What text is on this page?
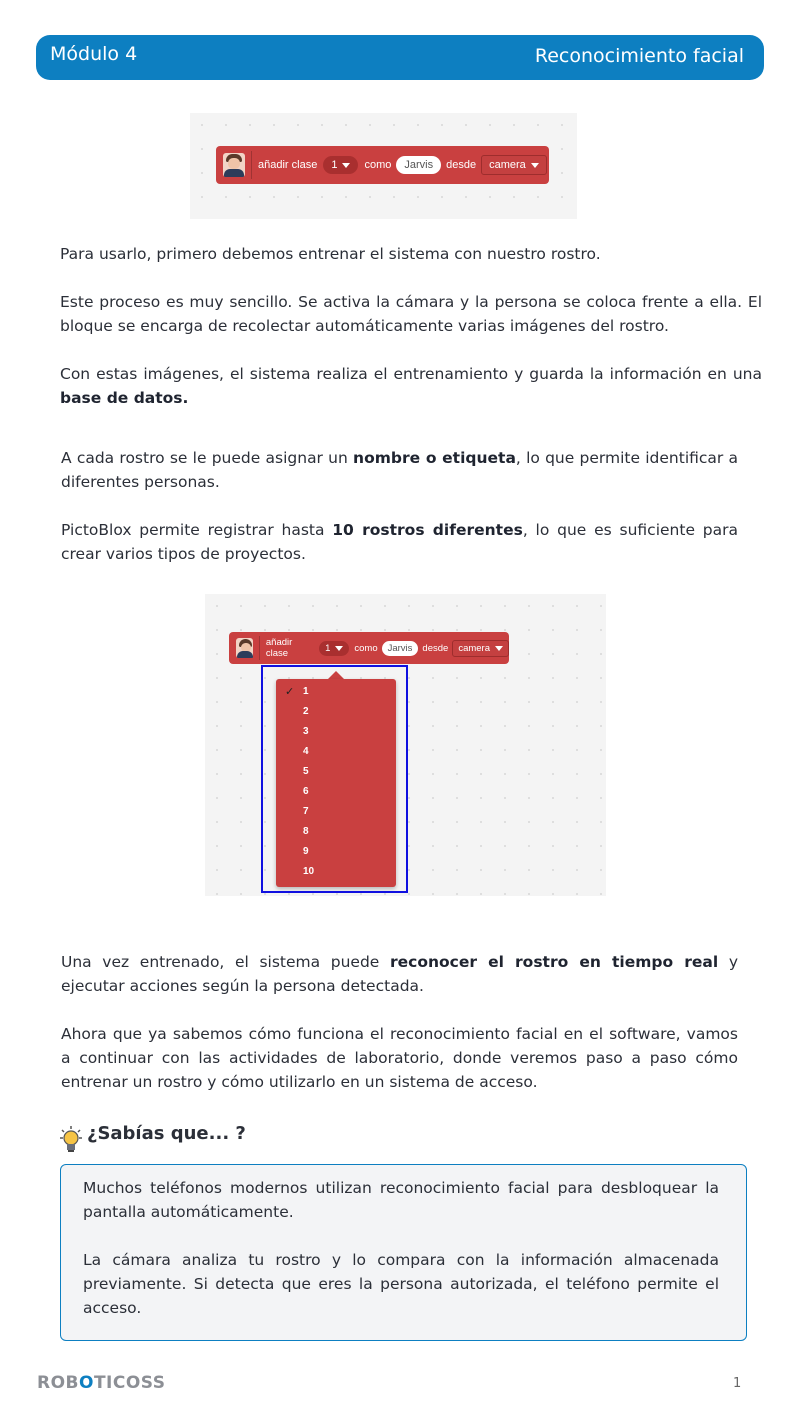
Módulo 4	Reconocimiento facial
añadir clase 1 como	Jarvis	desde camera

Para usarlo, primero debemos entrenar el sistema con nuestro rostro.

Este proceso es muy sencillo. Se activa la cámara y la persona se coloca frente a ella. El bloque se encarga de recolectar automáticamente varias imágenes del rostro.

Con estas imágenes, el sistema realiza el entrenamiento y guarda la información en una base de datos.

A cada rostro se le puede asignar un nombre o etiqueta, lo que permite identificar a diferentes personas.

PictoBlox permite registrar hasta 10 rostros diferentes, lo que es suficiente para crear varios tipos de proyectos.

añadir clase	1	como	Jarvis	desde camera
✓ 1
2
3
4
5
6
7
8
9
10

Una vez entrenado, el sistema puede reconocer el rostro en tiempo real y ejecutar acciones según la persona detectada.

Ahora que ya sabemos cómo funciona el reconocimiento facial en el software, vamos a continuar con las actividades de laboratorio, donde veremos paso a paso cómo entrenar un rostro y cómo utilizarlo en un sistema de acceso.

¿Sabías que... ?

Muchos teléfonos modernos utilizan reconocimiento facial para desbloquear la pantalla automáticamente.

La cámara analiza tu rostro y lo compara con la información almacenada previamente. Si detecta que eres la persona autorizada, el teléfono permite el acceso.

ROBOTICOSS	1
